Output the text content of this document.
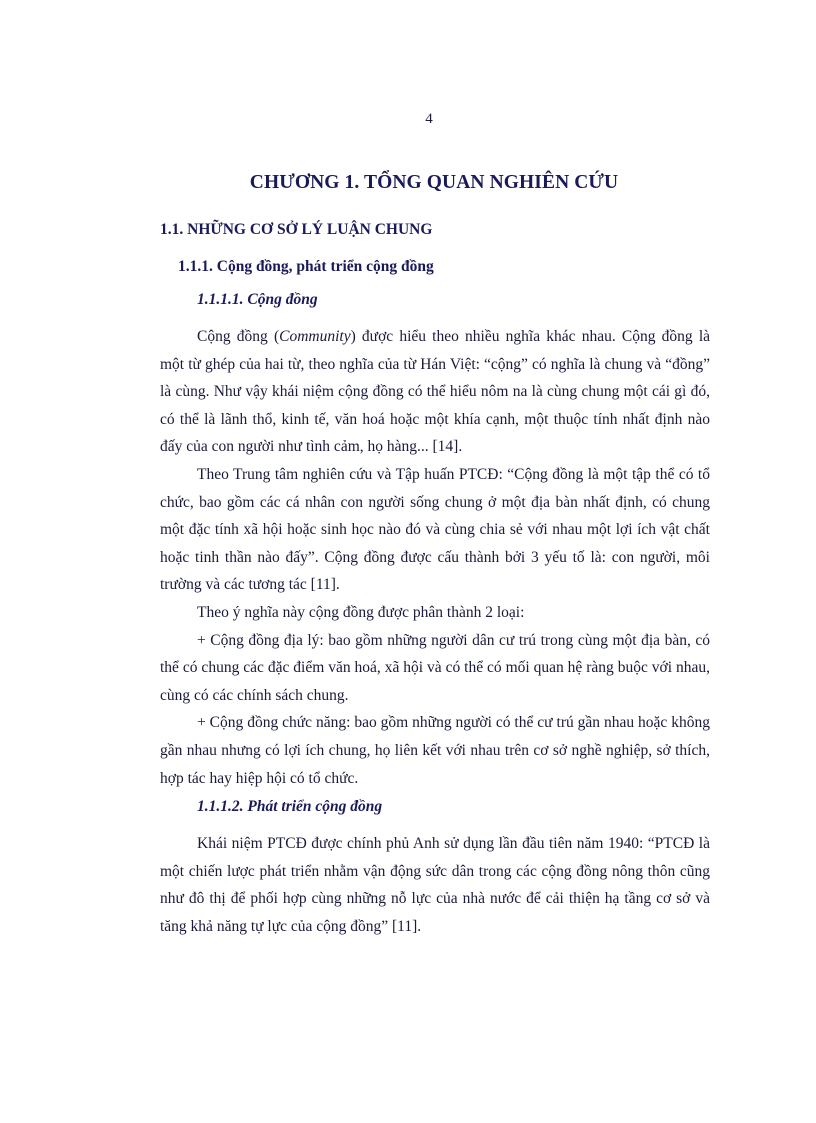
4
CHƯƠNG 1. TỔNG QUAN NGHIÊN CỨU
1.1. NHỮNG CƠ SỞ LÝ LUẬN CHUNG
1.1.1. Cộng đồng, phát triển cộng đồng
1.1.1.1. Cộng đồng

Cộng đồng (Community) được hiểu theo nhiều nghĩa khác nhau. Cộng đồng là một từ ghép của hai từ, theo nghĩa của từ Hán Việt: “cộng” có nghĩa là chung và “đồng” là cùng. Như vậy khái niệm cộng đồng có thể hiểu nôm na là cùng chung một cái gì đó, có thể là lãnh thổ, kinh tế, văn hoá hoặc một khía cạnh, một thuộc tính nhất định nào đấy của con người như tình cảm, họ hàng... [14].

Theo Trung tâm nghiên cứu và Tập huấn PTCĐ: “Cộng đồng là một tập thể có tổ chức, bao gồm các cá nhân con người sống chung ở một địa bàn nhất định, có chung một đặc tính xã hội hoặc sinh học nào đó và cùng chia sẻ với nhau một lợi ích vật chất hoặc tinh thần nào đấy”. Cộng đồng được cấu thành bởi 3 yếu tố là: con người, môi trường và các tương tác [11].

Theo ý nghĩa này cộng đồng được phân thành 2 loại:

+ Cộng đồng địa lý: bao gồm những người dân cư trú trong cùng một địa bàn, có thể có chung các đặc điểm văn hoá, xã hội và có thể có mối quan hệ ràng buộc với nhau, cùng có các chính sách chung.

+ Cộng đồng chức năng: bao gồm những người có thể cư trú gần nhau hoặc không gần nhau nhưng có lợi ích chung, họ liên kết với nhau trên cơ sở nghề nghiệp, sở thích, hợp tác hay hiệp hội có tổ chức.

1.1.1.2. Phát triển cộng đồng

Khái niệm PTCĐ được chính phủ Anh sử dụng lần đầu tiên năm 1940: “PTCĐ là một chiến lược phát triển nhằm vận động sức dân trong các cộng đồng nông thôn cũng như đô thị để phối hợp cùng những nỗ lực của nhà nước để cải thiện hạ tầng cơ sở và tăng khả năng tự lực của cộng đồng” [11].
